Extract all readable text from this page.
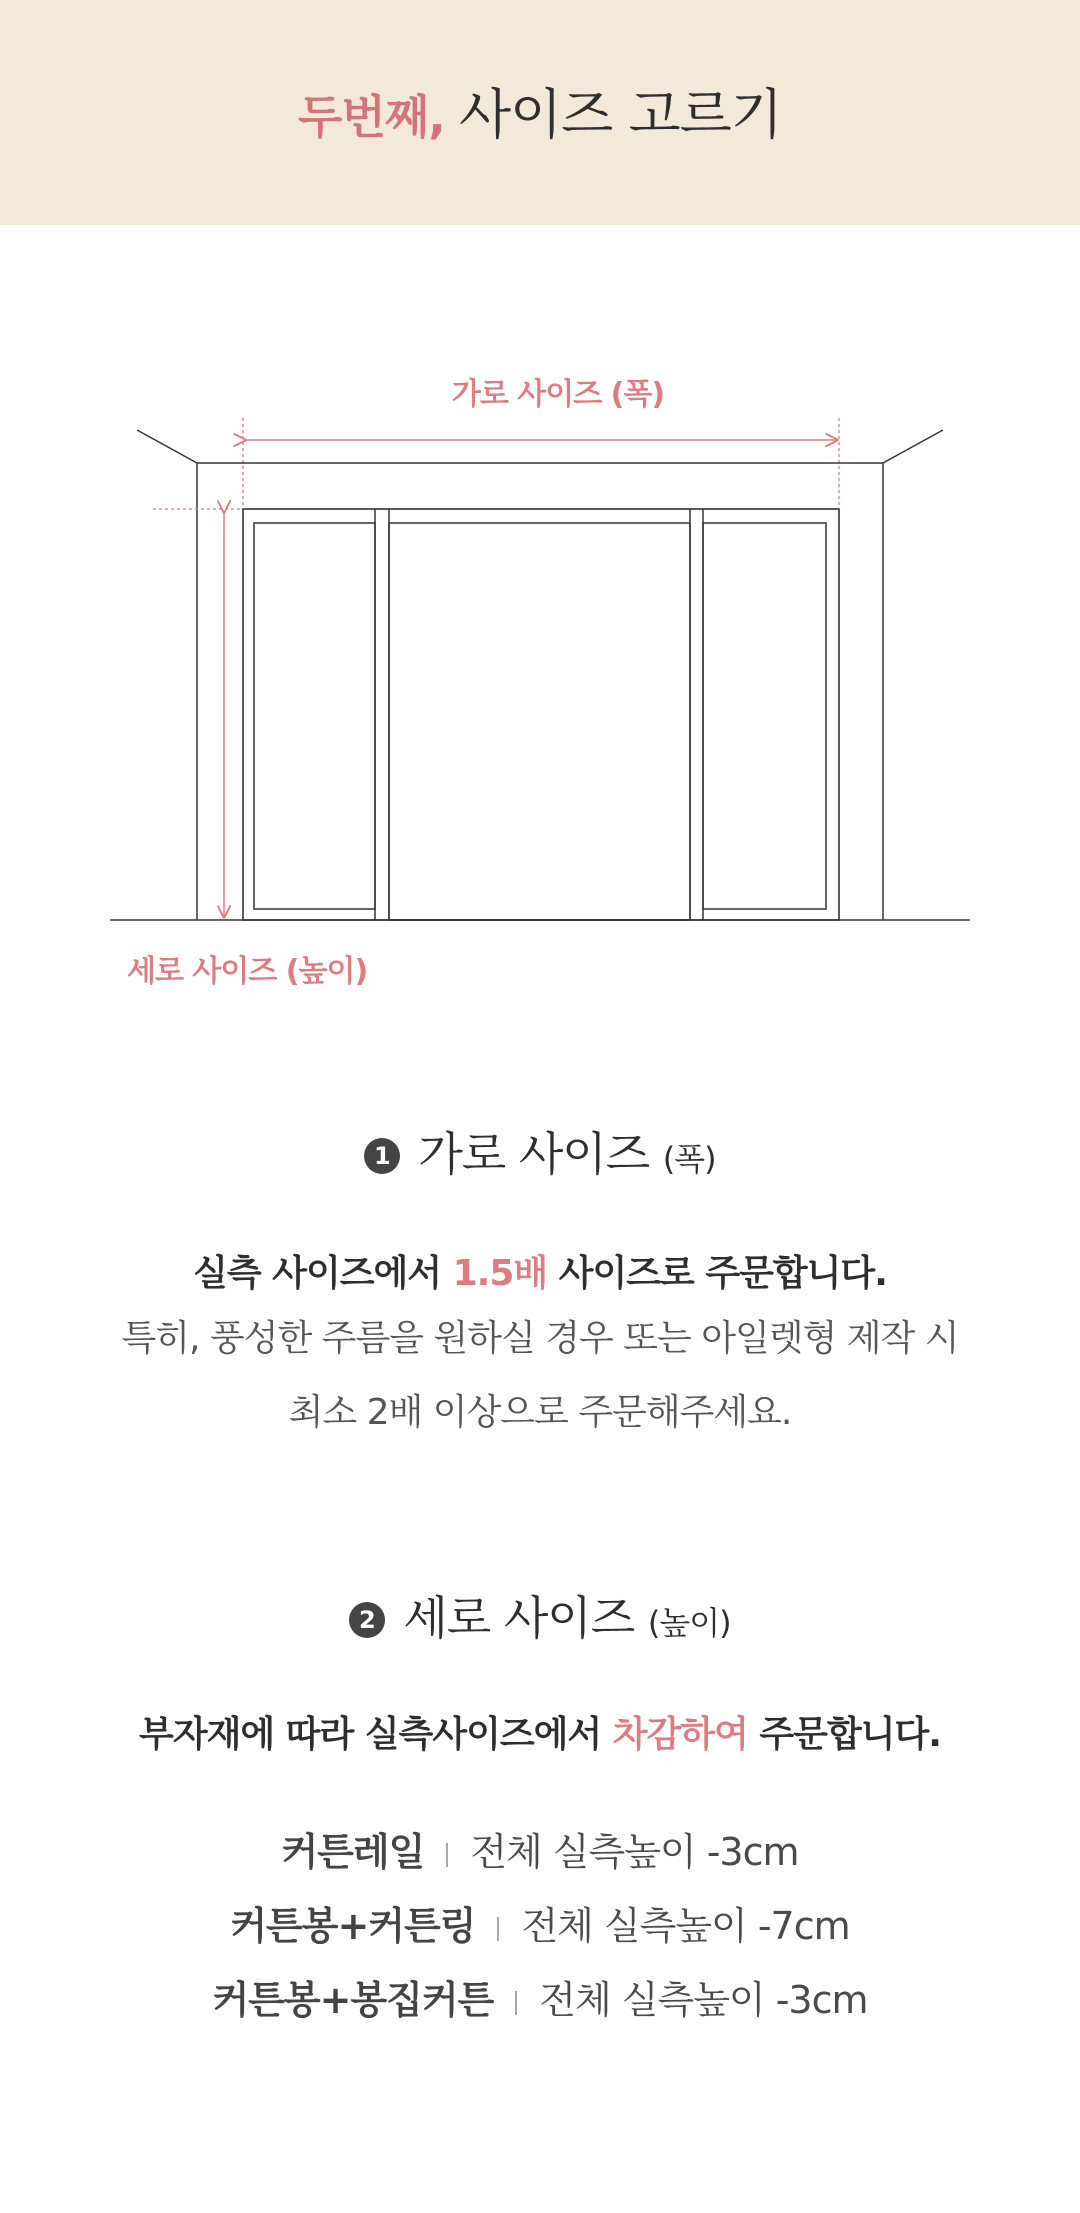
두번째, 사이즈 고르기
가로 사이즈 (폭)
세로 사이즈 (높이)
1 가로 사이즈 (폭)
실측 사이즈에서 1.5배 사이즈로 주문합니다.
특히, 풍성한 주름을 원하실 경우 또는 아일렛형 제작 시
최소 2배 이상으로 주문해주세요.
2 세로 사이즈 (높이)
부자재에 따라 실측사이즈에서 차감하여 주문합니다.
커튼레일 전체 실측높이 -3cm
커튼봉+커튼링 전체 실측높이 -7cm
커튼봉+봉집커튼 전체 실측높이 -3cm
